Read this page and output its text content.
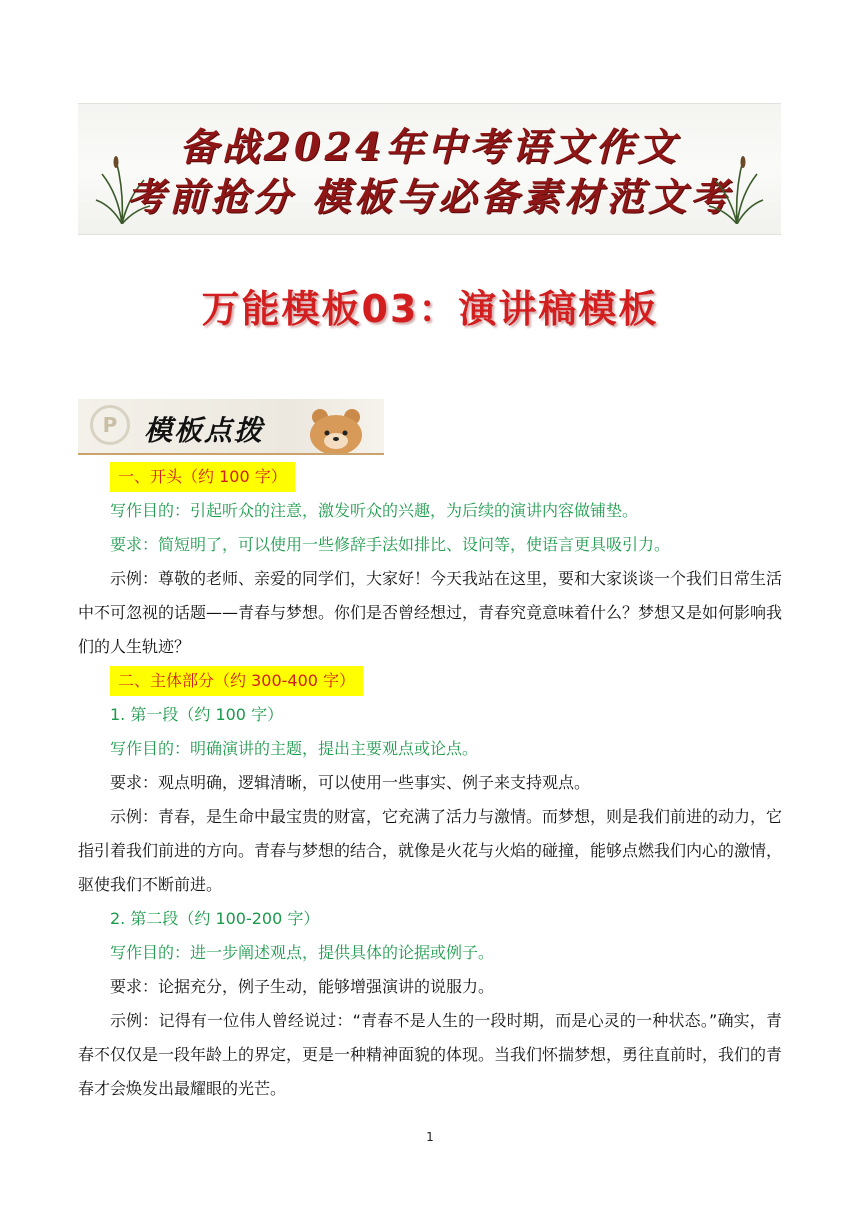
备战2024年中考语文作文
考前抢分 模板与必备素材范文考
万能模板03：演讲稿模板
P 模板点拨
一、开头（约 100 字）

写作目的：引起听众的注意，激发听众的兴趣，为后续的演讲内容做铺垫。

要求：简短明了，可以使用一些修辞手法如排比、设问等，使语言更具吸引力。

示例：尊敬的老师、亲爱的同学们，大家好！今天我站在这里，要和大家谈谈一个我们日常生活中不可忽视的话题——青春与梦想。你们是否曾经想过，青春究竟意味着什么？梦想又是如何影响我们的人生轨迹？

二、主体部分（约 300-400 字）

1. 第一段（约 100 字）

写作目的：明确演讲的主题，提出主要观点或论点。

要求：观点明确，逻辑清晰，可以使用一些事实、例子来支持观点。

示例：青春，是生命中最宝贵的财富，它充满了活力与激情。而梦想，则是我们前进的动力，它指引着我们前进的方向。青春与梦想的结合，就像是火花与火焰的碰撞，能够点燃我们内心的激情，驱使我们不断前进。

2. 第二段（约 100-200 字）

写作目的：进一步阐述观点，提供具体的论据或例子。

要求：论据充分，例子生动，能够增强演讲的说服力。

示例：记得有一位伟人曾经说过：“青春不是人生的一段时期，而是心灵的一种状态。”确实，青春不仅仅是一段年龄上的界定，更是一种精神面貌的体现。当我们怀揣梦想，勇往直前时，我们的青春才会焕发出最耀眼的光芒。

1
